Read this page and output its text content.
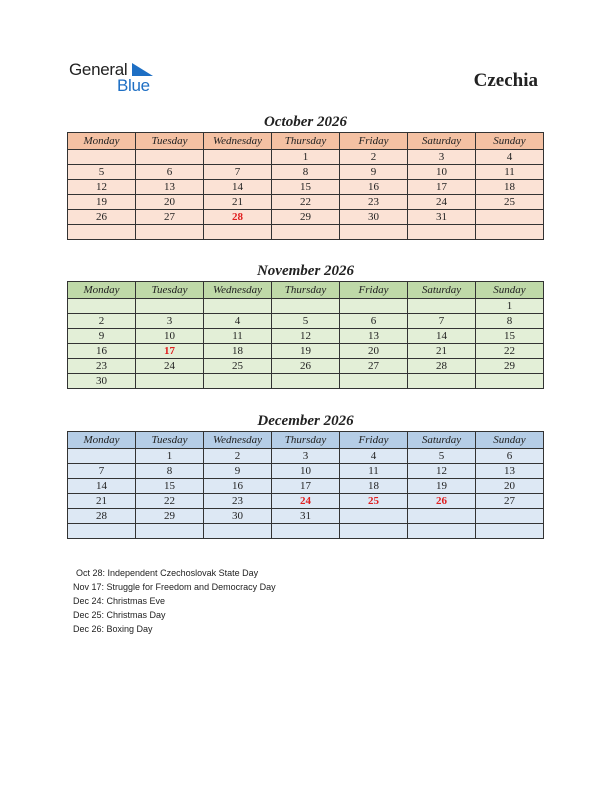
General
Blue	Czechia
October 2026
Monday	Tuesday	Wednesday	Thursday	Friday	Saturday	Sunday
			1	2	3	4
5	6	7	8	9	10	11
12	13	14	15	16	17	18
19	20	21	22	23	24	25
26	27	28	29	30	31	

November 2026
Monday	Tuesday	Wednesday	Thursday	Friday	Saturday	Sunday
						1
2	3	4	5	6	7	8
9	10	11	12	13	14	15
16	17	18	19	20	21	22
23	24	25	26	27	28	29
30						
December 2026
Monday	Tuesday	Wednesday	Thursday	Friday	Saturday	Sunday
	1	2	3	4	5	6
7	8	9	10	11	12	13
14	15	16	17	18	19	20
21	22	23	24	25	26	27
28	29	30	31			

Oct 28: Independent Czechoslovak State Day
Nov 17: Struggle for Freedom and Democracy Day
Dec 24: Christmas Eve
Dec 25: Christmas Day
Dec 26: Boxing Day
